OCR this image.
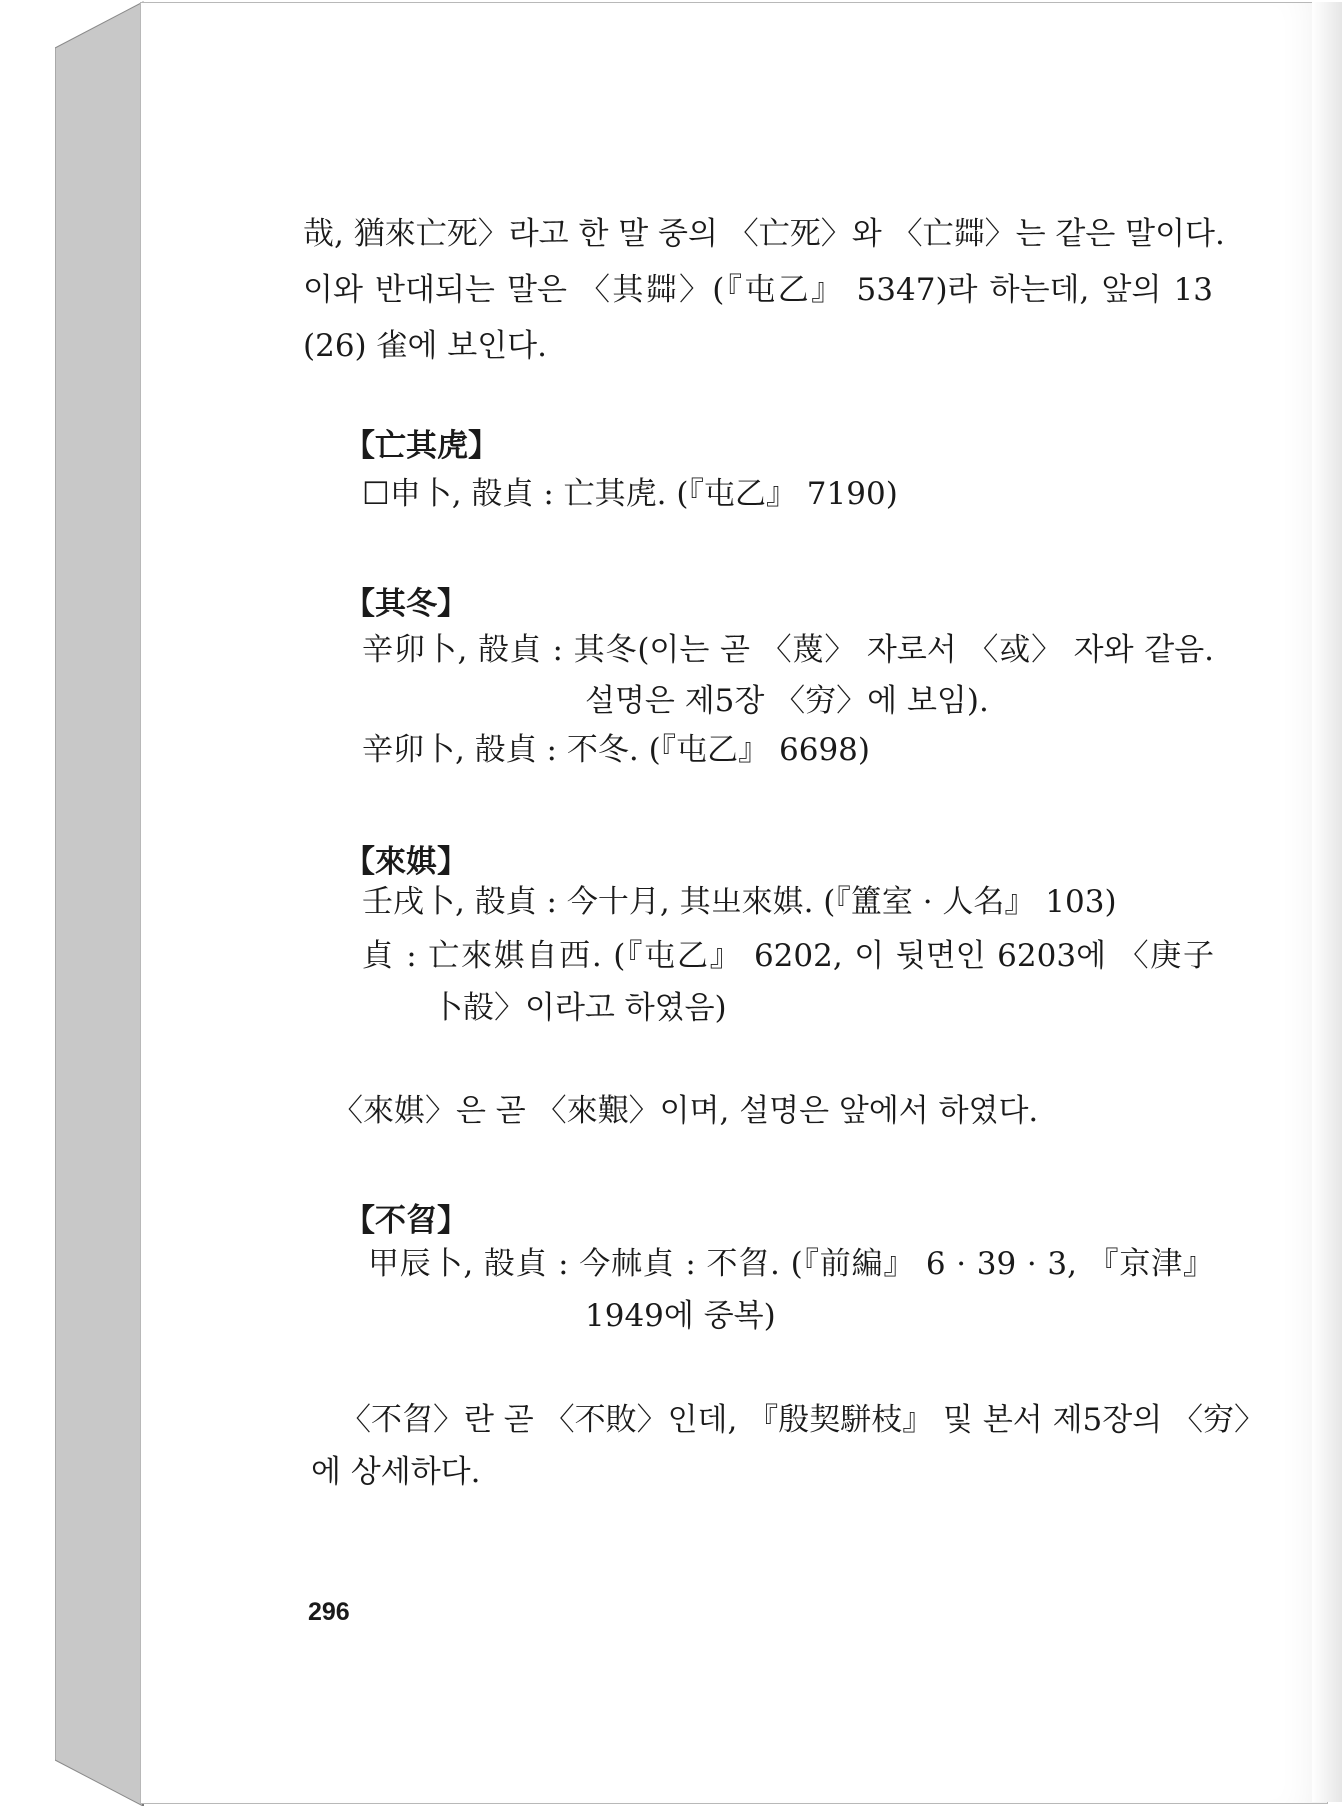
哉, 猶來亡死〉라고 한 말 중의 〈亡死〉와 〈亡茻〉는 같은 말이다.
이와 반대되는 말은 〈其茻〉(『屯乙』 5347)라 하는데, 앞의 13
(26) 雀에 보인다.
【亡其虎】
☐申卜, 㱿貞 : 亡其虎. (『屯乙』 7190)
【其冬】
辛卯卜, 㱿貞 : 其冬(이는 곧 〈蔑〉 자로서 〈㦯〉 자와 같음.
설명은 제5장 〈穷〉에 보임).
辛卯卜, 㱿貞 : 不冬. (『屯乙』 6698)
【來娸】
壬戌卜, 㱿貞 : 今十月, 其㞢來娸. (『簠室 · 人名』 103)
貞 : 亡來娸自西. (『屯乙』 6202, 이 뒷면인 6203에 〈庚子
卜㱿〉이라고 하였음)
〈來娸〉은 곧 〈來艱〉이며, 설명은 앞에서 하였다.
【不㫚】
甲辰卜, 㱿貞 : 今𣏟貞 : 不㫚. (『前編』 6 · 39 · 3, 『京津』
1949에 중복)
〈不㫚〉란 곧 〈不敗〉인데, 『殷契駢枝』 및 본서 제5장의 〈穷〉
에 상세하다.
296
